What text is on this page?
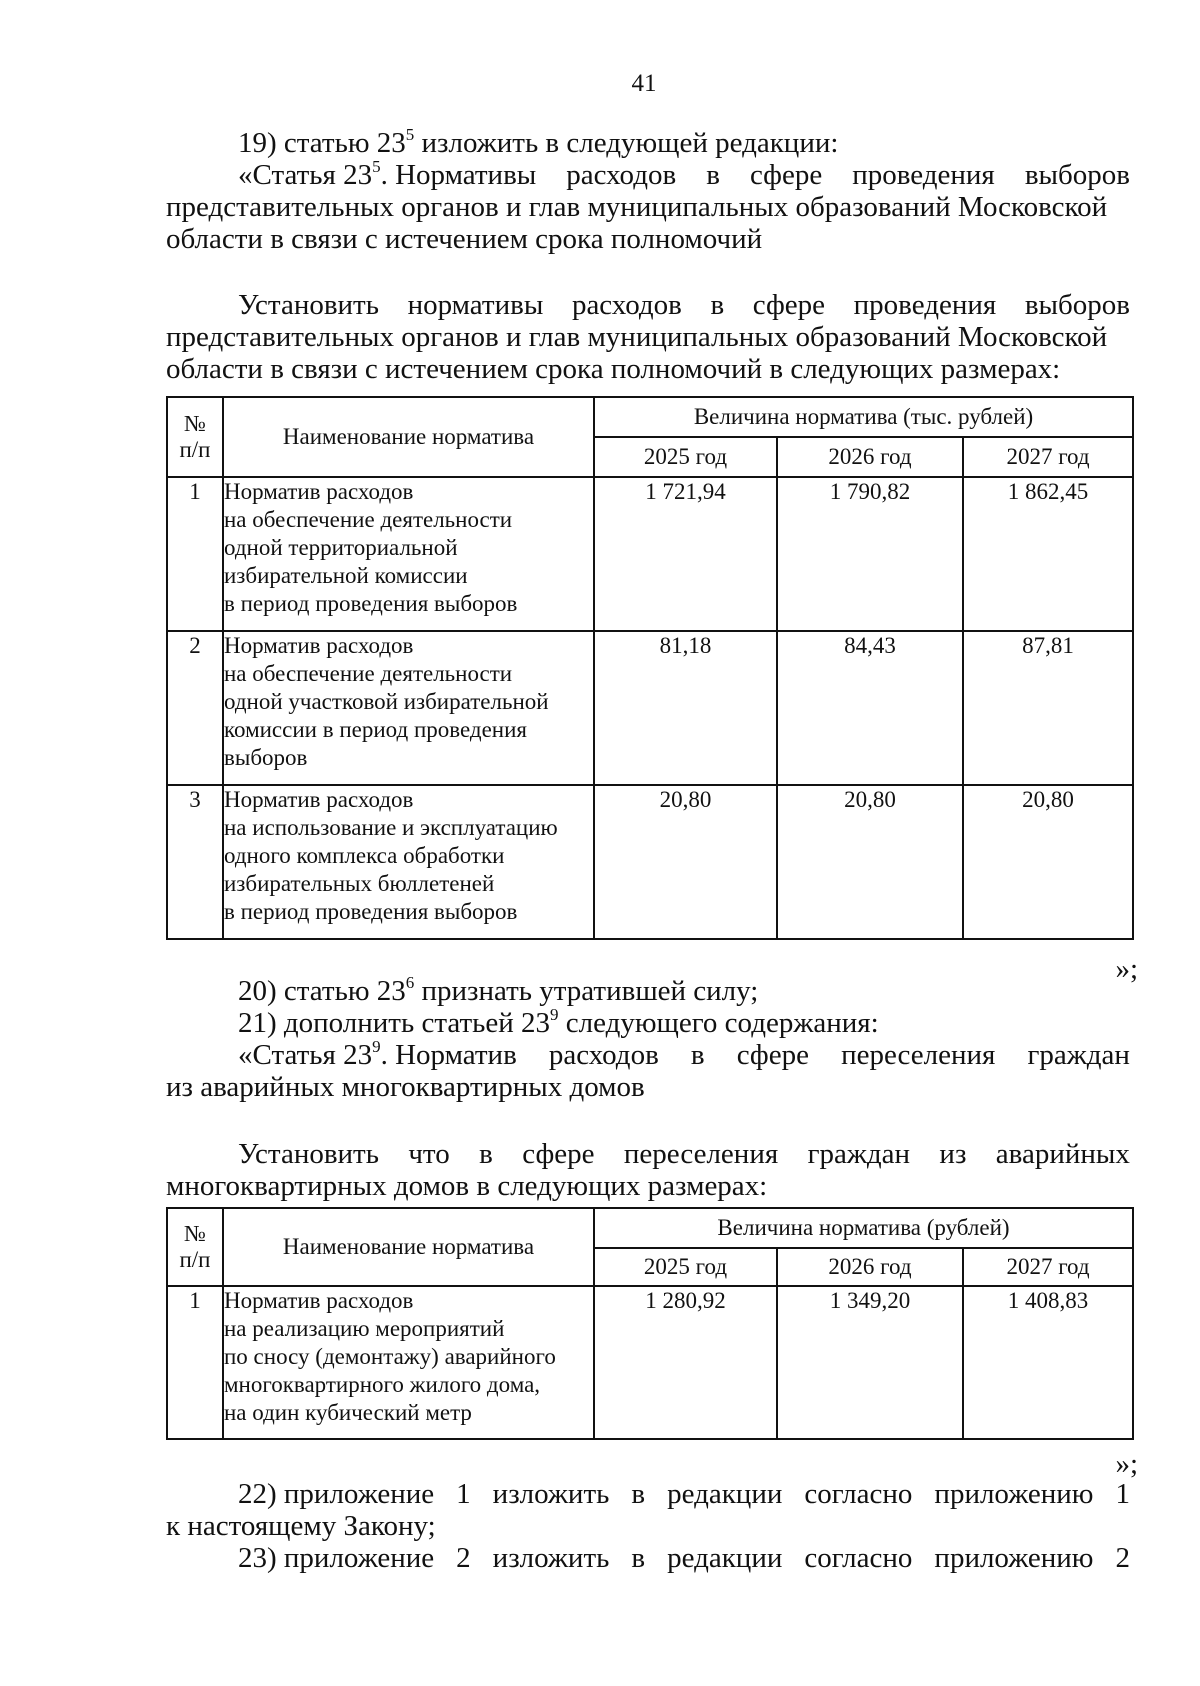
41
19) статью $23^5$ изложить в следующей редакции:
«Статья $23^5$. Нормативы расходов в сфере проведения выборов
представительных органов и глав муниципальных образований Московской
области в связи с истечением срока полномочий
Установить нормативы расходов в сфере проведения выборов
представительных органов и глав муниципальных образований Московской
области в связи с истечением срока полномочий в следующих размерах:
№
п/п	Наименование норматива	Величина норматива (тыс. рублей)		
		2025 год	2026 год	2027 год
1	Норматив расходов
на обеспечение деятельности
одной территориальной
избирательной комиссии
в период проведения выборов	1 721,94	1 790,82	1 862,45
2	Норматив расходов
на обеспечение деятельности
одной участковой избирательной
комиссии в период проведения
выборов	81,18	84,43	87,81
3	Норматив расходов
на использование и эксплуатацию
одного комплекса обработки
избирательных бюллетеней
в период проведения выборов	20,80	20,80	20,80
»;
20) статью $23^6$ признать утратившей силу;
21) дополнить статьей $23^9$ следующего содержания:
«Статья $23^9$. Норматив расходов в сфере переселения граждан
из аварийных многоквартирных домов
Установить что в сфере переселения граждан из аварийных
многоквартирных домов в следующих размерах:
№
п/п	Наименование норматива	Величина норматива (рублей)		
		2025 год	2026 год	2027 год
1	Норматив расходов
на реализацию мероприятий
по сносу (демонтажу) аварийного
многоквартирного жилого дома,
на один кубический метр	1 280,92	1 349,20	1 408,83
»;
22) приложение 1 изложить в редакции согласно приложению 1
к настоящему Закону;
23) приложение 2 изложить в редакции согласно приложению 2
